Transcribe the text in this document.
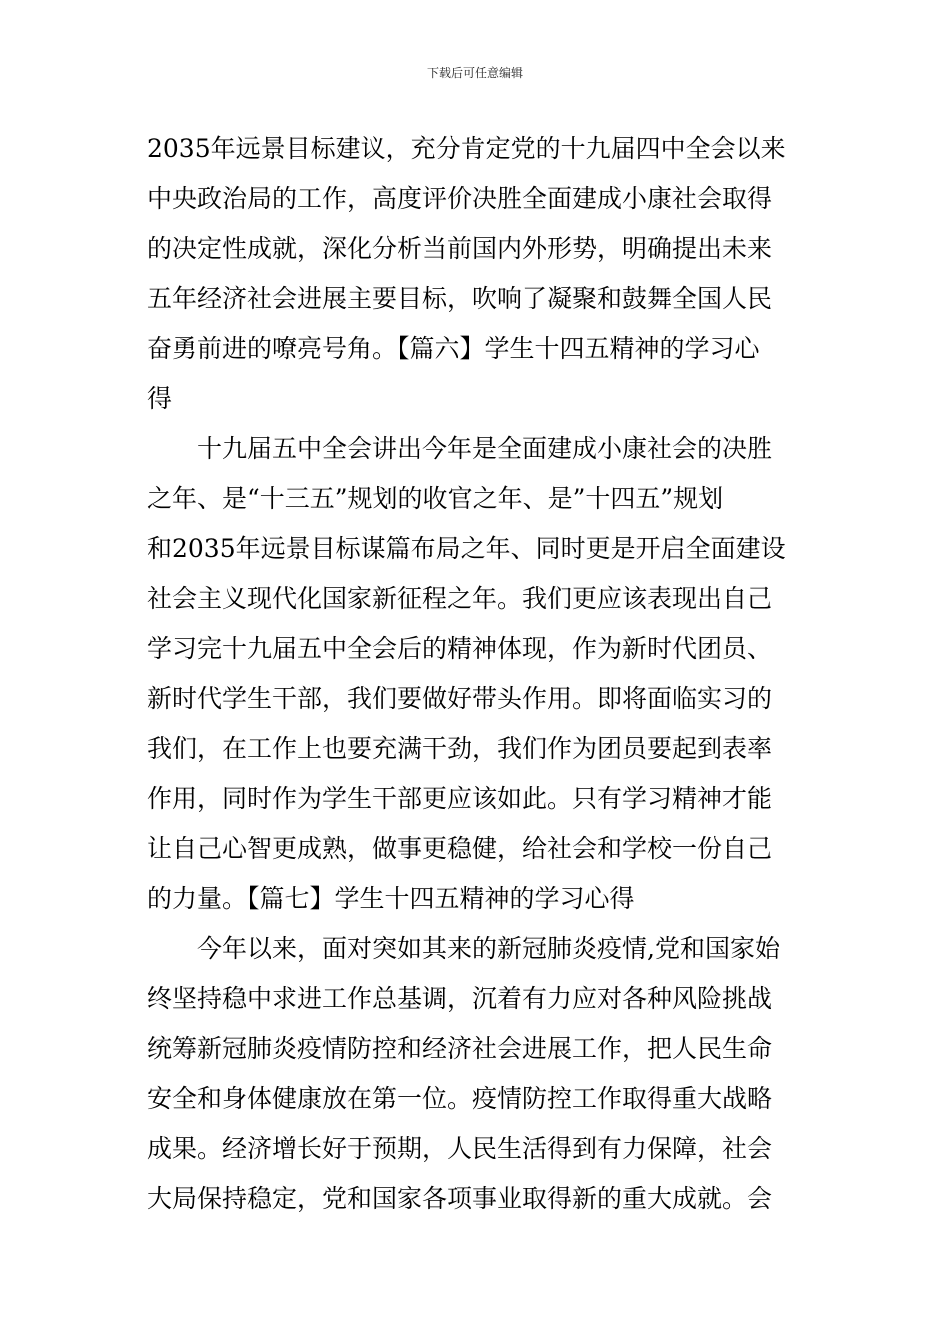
下载后可任意编辑
2035年远景目标建议，充分肯定党的十九届四中全会以来
中央政治局的工作，高度评价决胜全面建成小康社会取得
的决定性成就，深化分析当前国内外形势，明确提出未来
五年经济社会进展主要目标，吹响了凝聚和鼓舞全国人民
奋勇前进的嘹亮号角。【篇六】学生十四五精神的学习心
得
　　十九届五中全会讲出今年是全面建成小康社会的决胜
之年、是“十三五”规划的收官之年、是”十四五”规划
和2035年远景目标谋篇布局之年、同时更是开启全面建设
社会主义现代化国家新征程之年。我们更应该表现出自己
学习完十九届五中全会后的精神体现，作为新时代团员、
新时代学生干部，我们要做好带头作用。即将面临实习的
我们，在工作上也要充满干劲，我们作为团员要起到表率
作用，同时作为学生干部更应该如此。只有学习精神才能
让自己心智更成熟，做事更稳健，给社会和学校一份自己
的力量。【篇七】学生十四五精神的学习心得
　　今年以来，面对突如其来的新冠肺炎疫情,党和国家始
终坚持稳中求进工作总基调，沉着有力应对各种风险挑战
统筹新冠肺炎疫情防控和经济社会进展工作，把人民生命
安全和身体健康放在第一位。疫情防控工作取得重大战略
成果。经济增长好于预期，人民生活得到有力保障，社会
大局保持稳定，党和国家各项事业取得新的重大成就。会
